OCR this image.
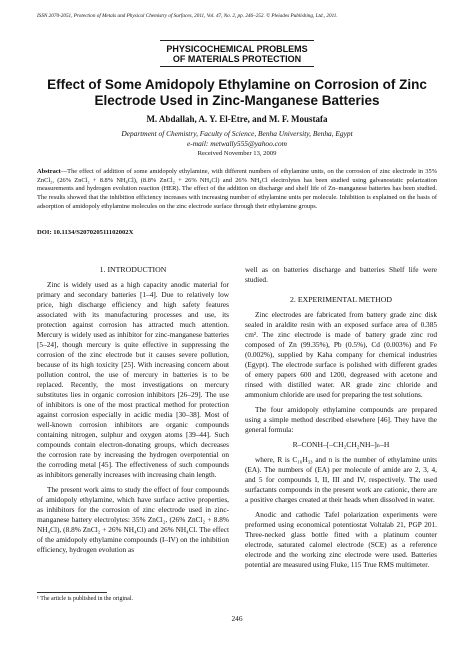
ISSN 2070-2051, Protection of Metals and Physical Chemistry of Surfaces, 2011, Vol. 47, No. 2, pp. 246–252. © Pleiades Publishing, Ltd., 2011.
PHYSICOCHEMICAL PROBLEMS
OF MATERIALS PROTECTION
Effect of Some Amidopoly Ethylamine on Corrosion of Zinc
Electrode Used in Zinc-Manganese Batteries
M. Abdallah, A. Y. El-Etre, and M. F. Moustafa
Department of Chemistry, Faculty of Science, Benha University, Benha, Egypt
e-mail: metwally555@yahoo.com
Received November 13, 2009
Abstract—The effect of addition of some amidopoly ethylamine, with different numbers of ethylamine units, on the corrosion of zinc electrode in 35% ZnCl₂, (26% ZnCl₂ + 8.8% NH₄Cl), (8.8% ZnCl₂ + 26% NH₄Cl) and 26% NH₄Cl electrolytes has been studied using galvanostatic polarization measurements and hydrogen evolution reaction (HER). The effect of the addition on discharge and shelf life of Zn–manganese batteries has been studied. The results showed that the inhibition efficiency increases with increasing number of ethylamine units per molecule. Inhibition is explained on the basis of adsorption of amidopoly ethylamine molecules on the zinc electrode surface through their ethylamine groups.
DOI: 10.1134/S207020511102002X

1. INTRODUCTION

Zinc is widely used as a high capacity anodic material for primary and secondary batteries [1–4]. Due to relatively low price, high discharge efficiency and high safety features associated with its manufacturing processes and use, its protection against corrosion has attracted much attention. Mercury is widely used as inhibitor for zinc-manganese batteries [5–24], though mercury is quite effective in suppressing the corrosion of the zinc electrode but it causes severe pollution, because of its high toxicity [25]. With increasing concern about pollution control, the use of mercury in batteries is to be replaced. Recently, the most investigations on mercury substitutes lies in organic corrosion inhibitors [26–29]. The use of inhibitors is one of the most practical method for protection against corrosion especially in acidic media [30–38]. Most of well-known corrosion inhibitors are organic compounds containing nitrogen, sulphur and oxygen atoms [39–44]. Such compounds contain electron-donating groups, which decreases the corrosion rate by increasing the hydrogen overpotential on the corroding metal [45]. The effectiveness of such compounds as inhibitors generally increases with increasing chain length.

The present work aims to study the effect of four compounds of amidopoly ethylamine, which have surface active properties, as inhibitors for the corrosion of zinc electrode used in zinc-manganese battery electrolytes: 35% ZnCl₂, (26% ZnCl₂ + 8.8% NH₄Cl), (8.8% ZnCl₂ + 26% NH₄Cl) and 26% NH₄Cl. The effect of the amidopoly ethylamine compounds (I–IV) on the inhibition efficiency, hydrogen evolution as

well as on batteries discharge and batteries Shelf life were studied.

2. EXPERIMENTAL METHOD

Zinc electrodes are fabricated from battery grade zinc disk sealed in araldite resin with an exposed surface area of 0.385 cm². The zinc electrode is made of battery grade zinc rod composed of Zn (99.35%), Pb (0.5%), Cd (0.003%) and Fe (0.002%), supplied by Kaha company for chemical industries (Egypt). The electrode surface is polished with different grades of emery papers 600 and 1200, degreased with acetone and rinsed with distilled water. AR grade zinc chloride and ammonium chloride are used for preparing the test solutions.

The four amidopoly ethylamine compounds are prepared using a simple method described elsewhere [46]. They have the general formula:

R–CONH–[–CH₂CH₂NH–]ₙ–H

where, R is C₁₆H₃₃ and n is the number of ethylamine units (EA). The numbers of (EA) per molecule of amide are 2, 3, 4, and 5 for compounds I, II, III and IV, respectively. The used surfactants compounds in the present work are cationic, there are a positive charges created at their heads when dissolved in water.

Anodic and cathodic Tafel polarization experiments were preformed using economical potentiostat Voltalab 21, PGP 201. Three-necked glass bottle fitted with a platinum counter electrode, saturated calomel electrode (SCE) as a reference electrode and the working zinc electrode were used. Batteries potential are measured using Fluke, 115 True RMS multimeter.

¹ The article is published in the original.
246
